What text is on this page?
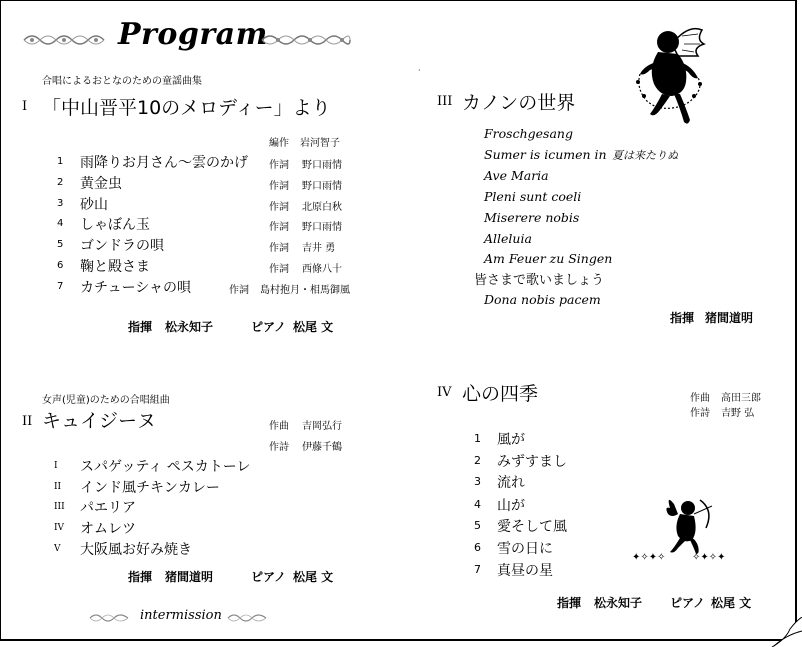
Program
合唱によるおとなのための童謡曲集
I 「中山晋平10のメロディー」より
編作 岩河智子
1	雨降りお月さん～雲のかげ 作詞 野口雨情
2	黄金虫	作詞 野口雨情
3	砂山	作詞 北原白秋
4	しゃぼん玉	作詞 野口雨情
5	ゴンドラの唄	作詞 吉井 勇
6	鞠と殿さま	作詞 西條八十
7	カチューシャの唄	作詞 島村抱月・相馬御風
指揮 松永知子	ピアノ 松尾 文
女声(児童)のための合唱組曲
II キュイジーヌ	作曲 吉岡弘行
作詩 伊藤千鶴
I スパゲッティ ペスカトーレ
II インド風チキンカレー
III パエリア
IV オムレツ
V 大阪風お好み焼き
指揮 猪間道明	ピアノ 松尾 文
intermission
·
III カノンの世界
Froschgesang
Sumer is icumen in 夏は来たりぬ
Ave Maria
Pleni sunt coeli
Miserere nobis
Alleluia
Am Feuer zu Singen
皆さまで歌いましょう
Dona nobis pacem
指揮 猪間道明
IV 心の四季	作曲 高田三郎
作詩 吉野 弘
1 風が
2 みずすまし
3 流れ
4 山が
5 愛そして風
6 雪の日に
7 真昼の星
✦✧✦✧	✧✦✧✦
指揮 松永知子 ピアノ 松尾 文
